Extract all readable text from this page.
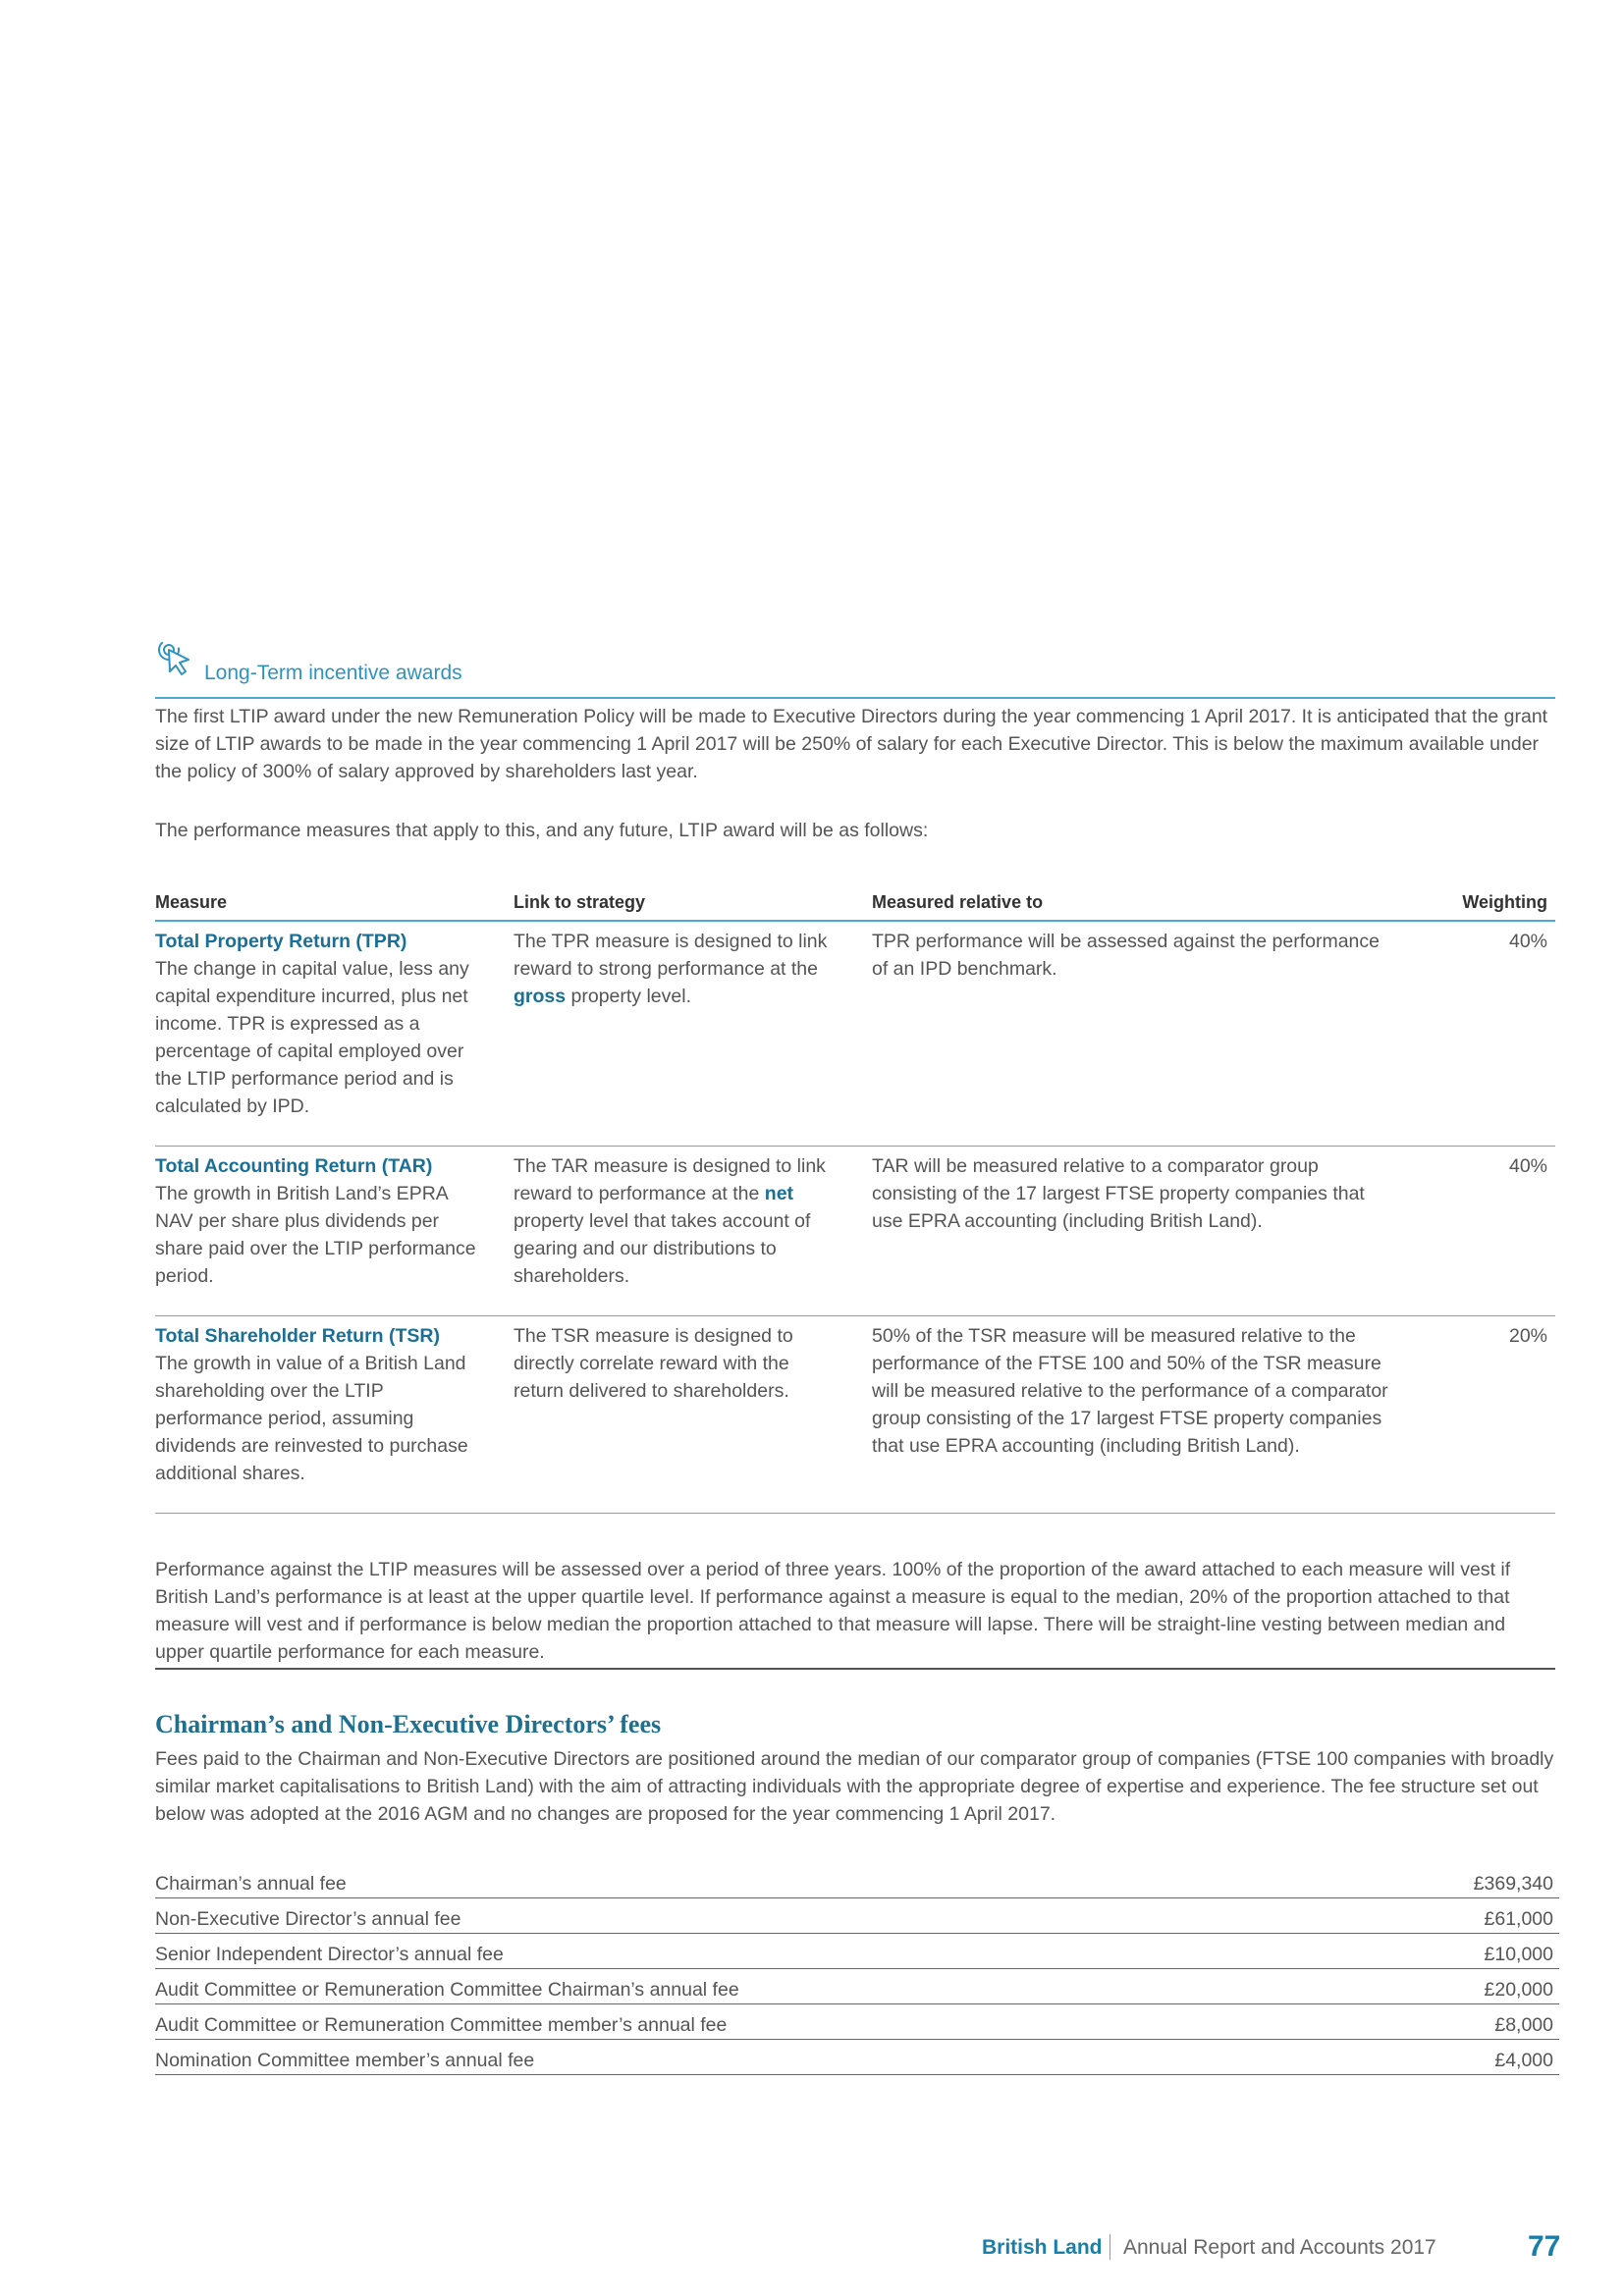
Long-Term incentive awards

The first LTIP award under the new Remuneration Policy will be made to Executive Directors during the year commencing 1 April 2017. It is anticipated that the grant size of LTIP awards to be made in the year commencing 1 April 2017 will be 250% of salary for each Executive Director. This is below the maximum available under the policy of 300% of salary approved by shareholders last year.

The performance measures that apply to this, and any future, LTIP award will be as follows:

Measure	Link to strategy	Measured relative to	Weighting

Total Property Return (TPR)
The change in capital value, less any capital expenditure incurred, plus net income. TPR is expressed as a percentage of capital employed over the LTIP performance period and is calculated by IPD.	The TPR measure is designed to link reward to strong performance at the gross property level.	TPR performance will be assessed against the performance of an IPD benchmark.	40%

Total Accounting Return (TAR)
The growth in British Land’s EPRA NAV per share plus dividends per share paid over the LTIP performance period.	The TAR measure is designed to link reward to performance at the net property level that takes account of gearing and our distributions to shareholders.	TAR will be measured relative to a comparator group consisting of the 17 largest FTSE property companies that use EPRA accounting (including British Land).	40%

Total Shareholder Return (TSR)
The growth in value of a British Land shareholding over the LTIP performance period, assuming dividends are reinvested to purchase additional shares.	The TSR measure is designed to directly correlate reward with the return delivered to shareholders.	50% of the TSR measure will be measured relative to the performance of the FTSE 100 and 50% of the TSR measure will be measured relative to the performance of a comparator group consisting of the 17 largest FTSE property companies that use EPRA accounting (including British Land).	20%
Performance against the LTIP measures will be assessed over a period of three years. 100% of the proportion of the award attached to each measure will vest if British Land’s performance is at least at the upper quartile level. If performance against a measure is equal to the median, 20% of the proportion attached to that measure will vest and if performance is below median the proportion attached to that measure will lapse. There will be straight-line vesting between median and upper quartile performance for each measure.
Chairman’s and Non-Executive Directors’ fees
Fees paid to the Chairman and Non-Executive Directors are positioned around the median of our comparator group of companies (FTSE 100 companies with broadly similar market capitalisations to British Land) with the aim of attracting individuals with the appropriate degree of expertise and experience. The fee structure set out below was adopted at the 2016 AGM and no changes are proposed for the year commencing 1 April 2017.
Chairman’s annual fee	£369,340
Non-Executive Director’s annual fee	£61,000
Senior Independent Director’s annual fee	£10,000
Audit Committee or Remuneration Committee Chairman’s annual fee	£20,000
Audit Committee or Remuneration Committee member’s annual fee	£8,000
Nomination Committee member’s annual fee	£4,000
British Land Annual Report and Accounts 2017	77
